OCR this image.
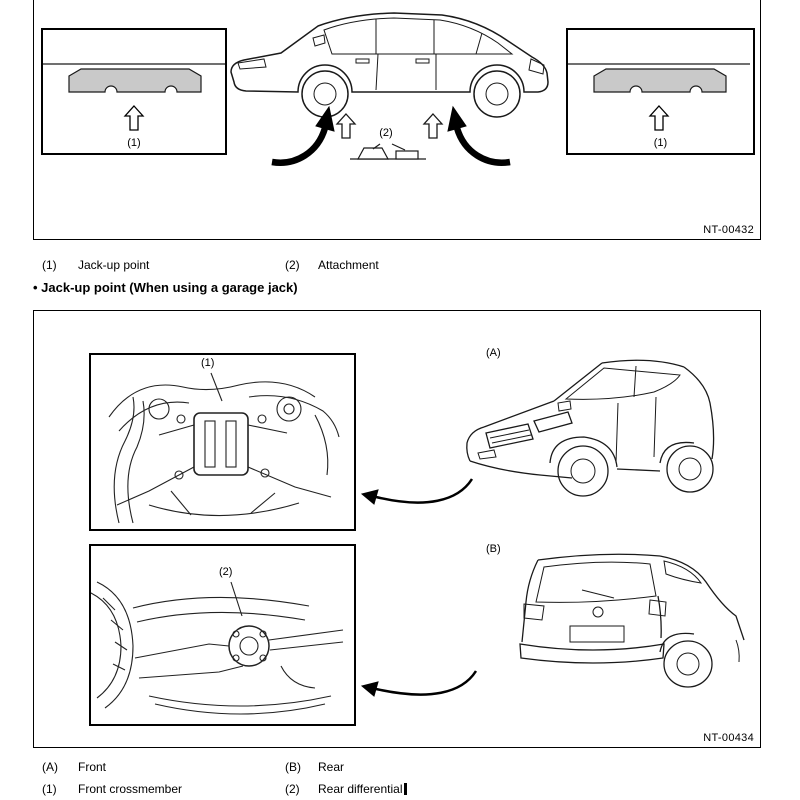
(1)	(1)
(2)
NT-00432
(1)	Jack-up point	(2)	Attachment
• Jack-up point (When using a garage jack)
(1)
(2)
(A)
(B)
NT-00434
(A)	Front	(B)	Rear
(1)	Front crossmember	(2)	Rear differential
